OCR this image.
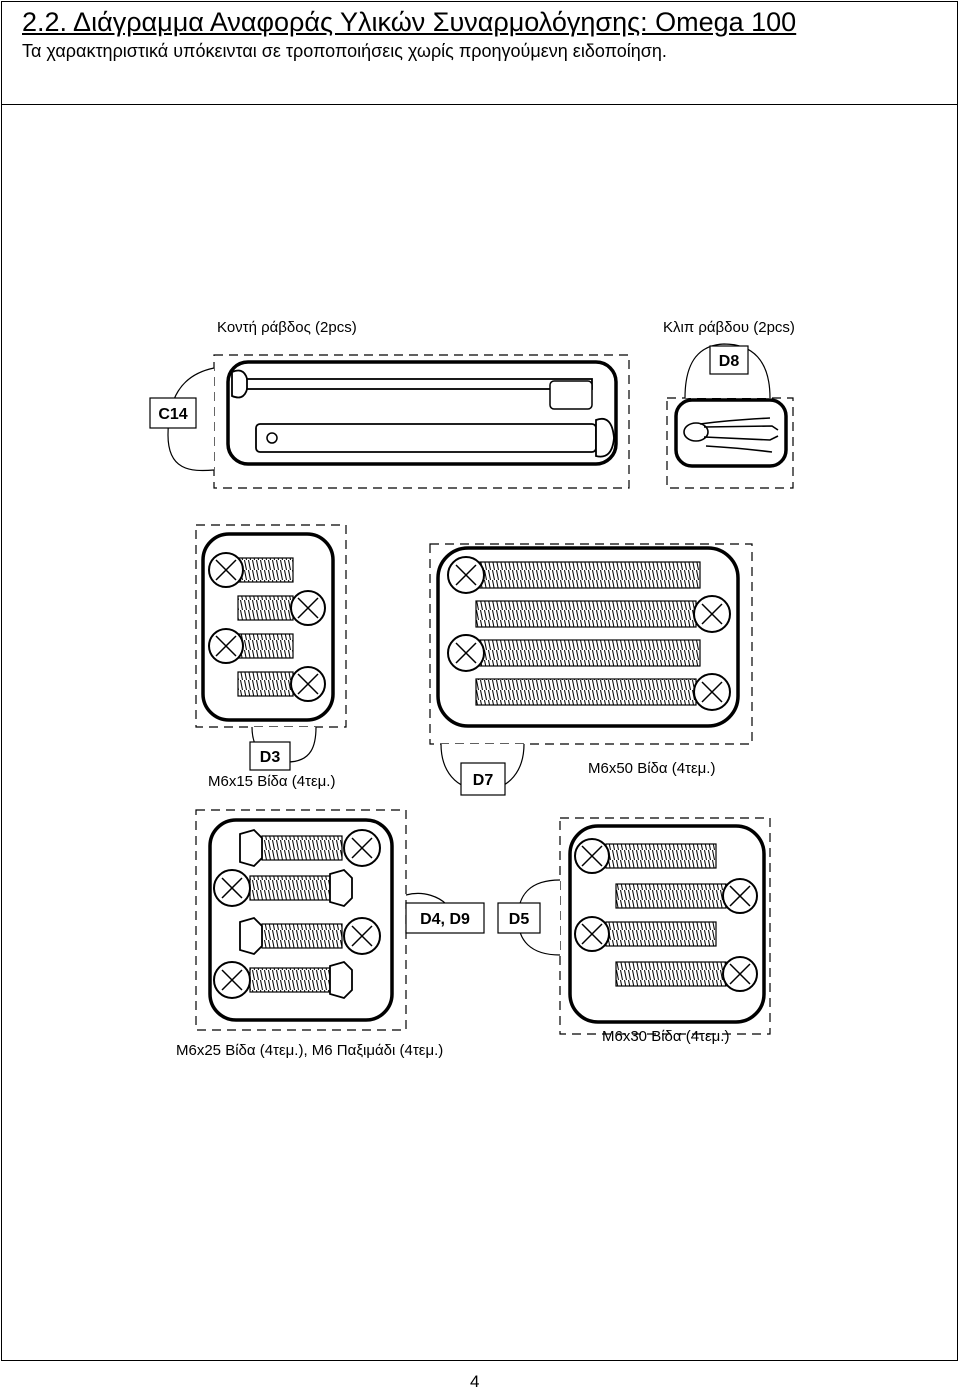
2.2. Διάγραμμα Αναφοράς Υλικών Συναρμολόγησης: Omega 100
Τα χαρακτηριστικά υπόκεινται σε τροποποιήσεις χωρίς προηγούμενη ειδοποίηση.
C14
D8
D3
D7
D4, D9 D5
Κοντή ράβδος (2pcs)	Κλιπ ράβδου (2pcs)
M6x15 Βίδα (4τεμ.)
M6x50 Βίδα (4τεμ.)
M6x25 Βίδα (4τεμ.), M6 Παξιμάδι (4τεμ.)
M6x30 Βίδα (4τεμ.)
4
